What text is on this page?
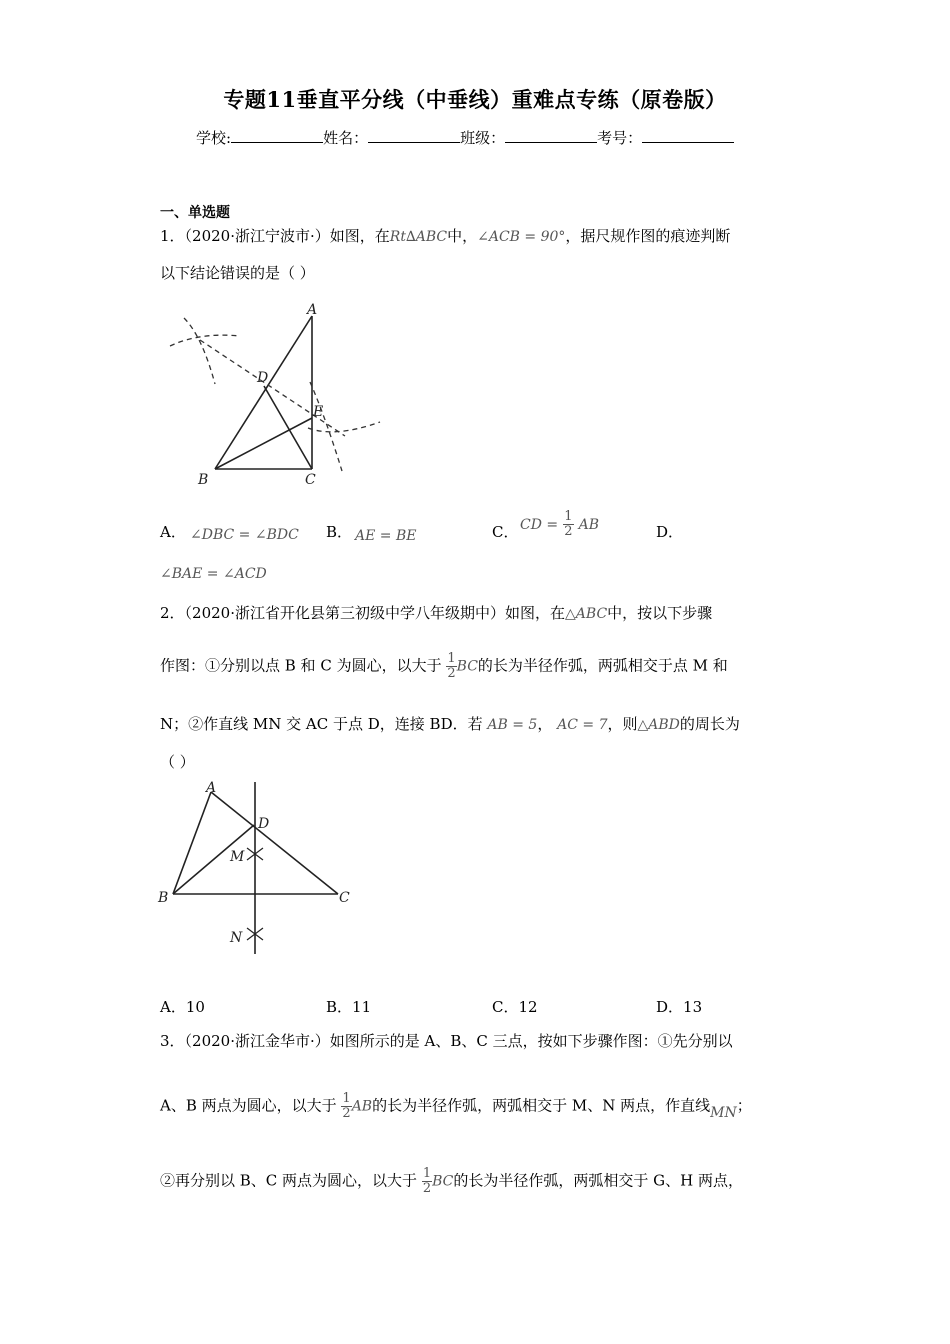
专题11垂直平分线（中垂线）重难点专练（原卷版）
学校:	姓名：	班级：	考号：
一、单选题
1．（2020·浙江宁波市·）如图，在Rt∆ABC中，∠ACB = 90°，据尺规作图的痕迹判断
以下结论错误的是（ ）
A
B	C
D
E
A． ∠DBC = ∠BDC B． AE = BE	C． CD = $\frac{1}{2}$ AB	D．
∠BAE = ∠ACD
2．（2020·浙江省开化县第三初级中学八年级期中）如图，在△ABC中，按以下步骤
作图：①分别以点 B 和 C 为圆心，以大于 $\frac{1}{2}$ BC的长为半径作弧，两弧相交于点 M 和
N；②作直线 MN 交 AC 于点 D，连接 BD．若 AB = 5， AC = 7，则△ABD的周长为
（ ）
A
B	C
D
M
N
A．10	B．11	C．12	D．13
3．（2020·浙江金华市·）如图所示的是 A、B、C 三点，按如下步骤作图：①先分别以
A、B 两点为圆心，以大于 $\frac{1}{2}$ AB的长为半径作弧，两弧相交于 M、N 两点，作直线MN；
②再分别以 B、C 两点为圆心，以大于 $\frac{1}{2}$ BC的长为半径作弧，两弧相交于 G、H 两点，
